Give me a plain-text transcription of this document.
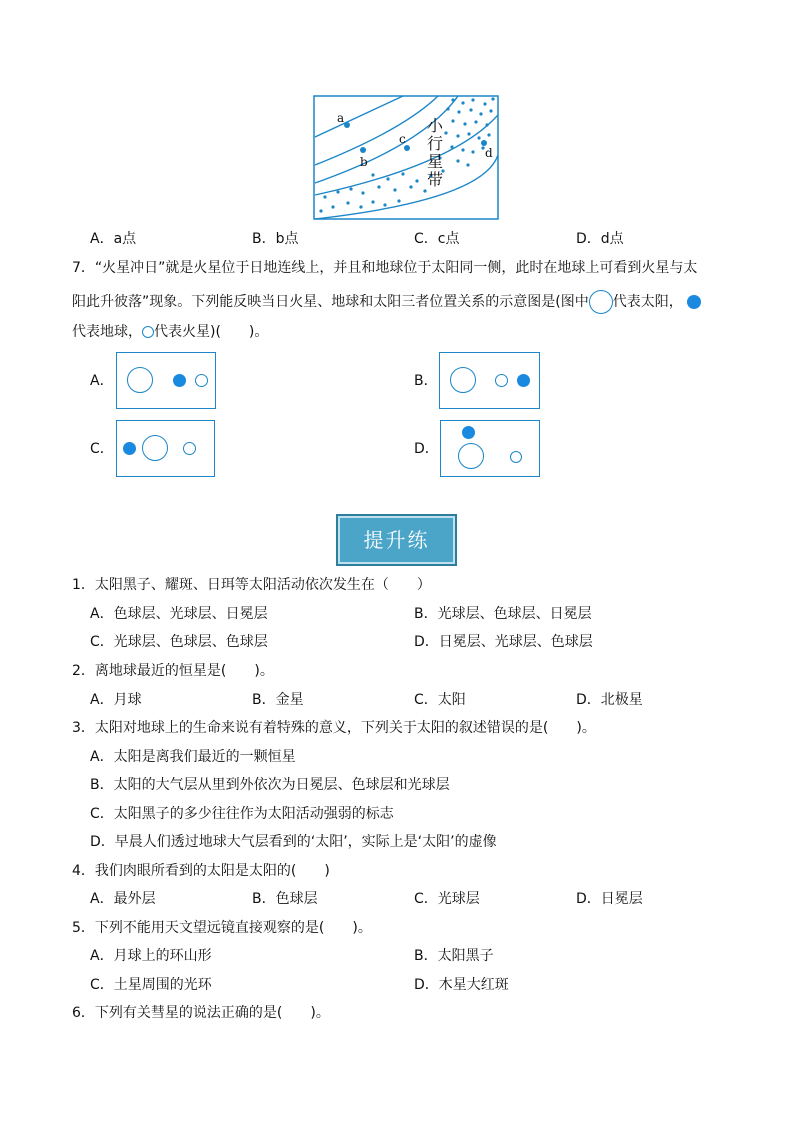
a
b
c
d
小行星带
A．a点	B．b点	C．c点	D．d点
7．“火星冲日”就是火星位于日地连线上，并且和地球位于太阳同一侧，此时在地球上可看到火星与太
阳此升彼落”现象。下列能反映当日火星、地球和太阳三者位置关系的示意图是(图中 代表太阳，
代表地球， 代表火星)(　　)。
A．	B．
C．	D．
提升练
1．太阳黑子、耀斑、日珥等太阳活动依次发生在（　　）
A．色球层、光球层、日冕层	B．光球层、色球层、日冕层
C．光球层、色球层、色球层	D．日冕层、光球层、色球层
2．离地球最近的恒星是(　　)。
A．月球	B．金星	C．太阳	D．北极星
3．太阳对地球上的生命来说有着特殊的意义，下列关于太阳的叙述错误的是(　　)。
A．太阳是离我们最近的一颗恒星
B．太阳的大气层从里到外依次为日冕层、色球层和光球层
C．太阳黑子的多少往往作为太阳活动强弱的标志
D．早晨人们透过地球大气层看到的‘太阳’，实际上是‘太阳’的虚像
4．我们肉眼所看到的太阳是太阳的(　　)
A．最外层	B．色球层	C．光球层	D．日冕层
5．下列不能用天文望远镜直接观察的是(　　)。
A．月球上的环山形	B．太阳黑子
C．土星周围的光环	D．木星大红斑
6．下列有关彗星的说法正确的是(　　)。
